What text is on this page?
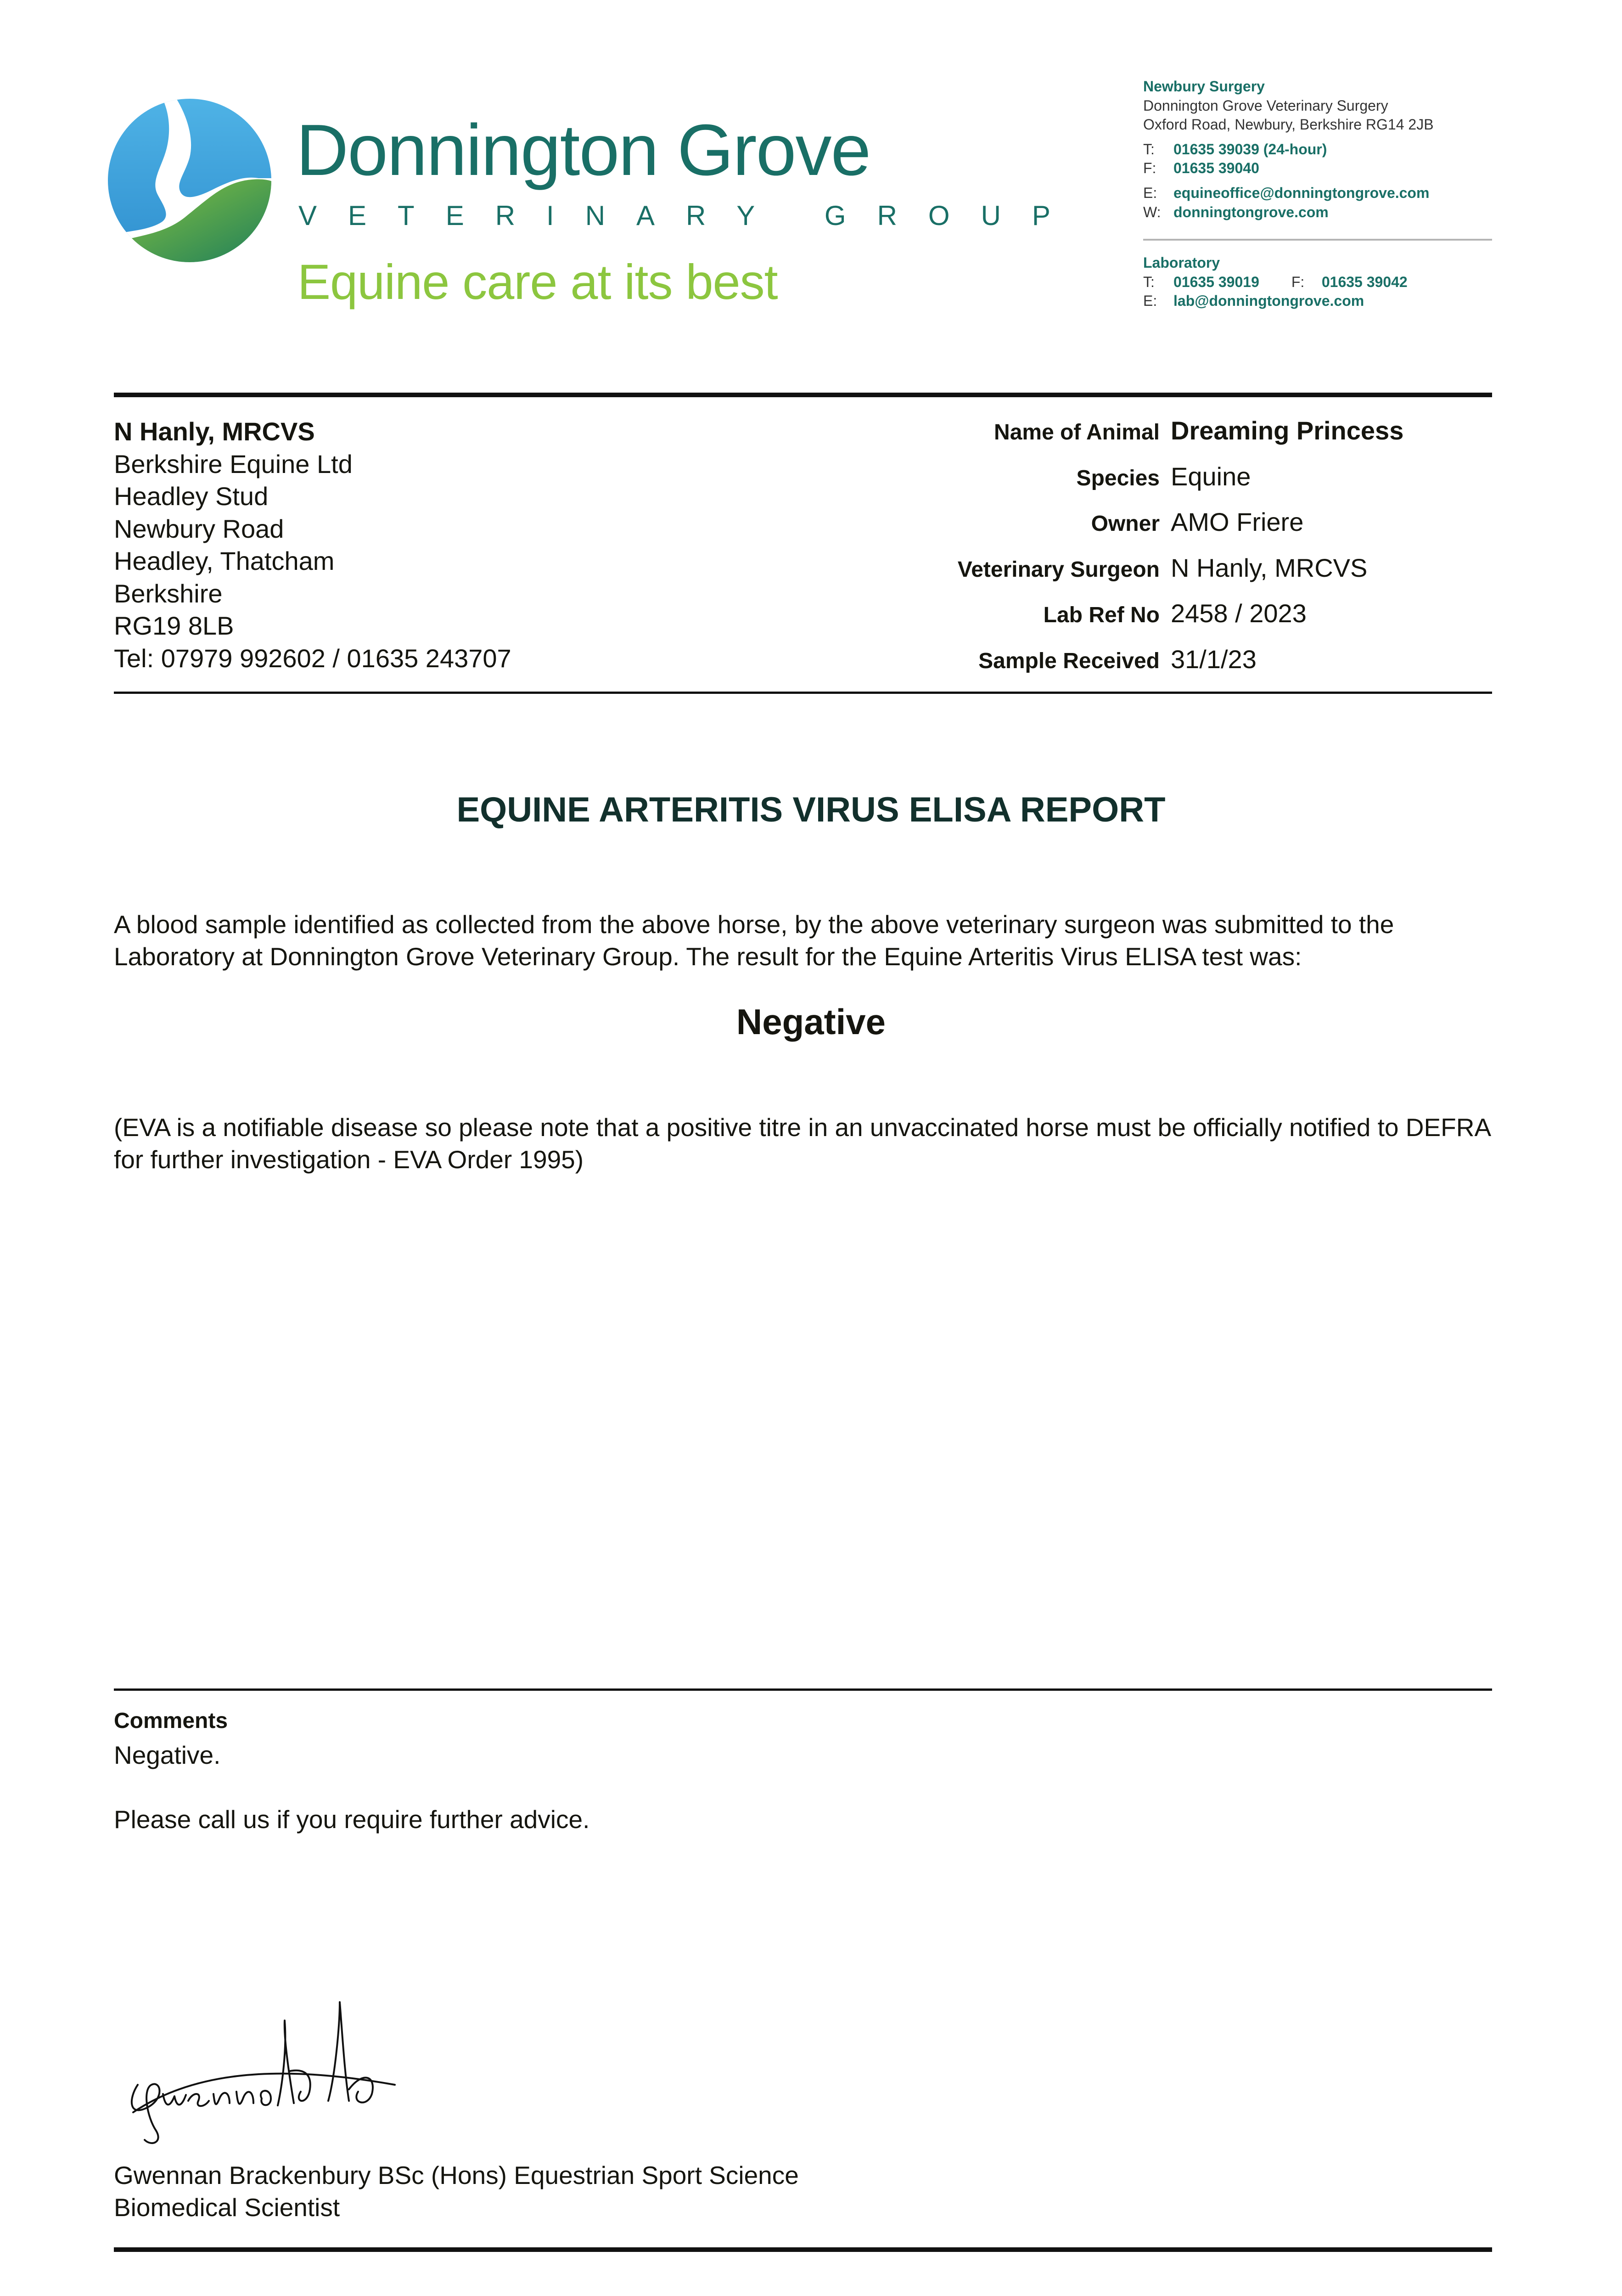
Donnington Grove
VETERINARY GROUP
Equine care at its best
Newbury Surgery
Donnington Grove Veterinary Surgery
Oxford Road, Newbury, Berkshire RG14 2JB
T: 01635 39039 (24-hour)
F: 01635 39040
E: equineoffice@donningtongrove.com
W: donningtongrove.com
Laboratory
T: 01635 39019 F: 01635 39042
E: lab@donningtongrove.com
N Hanly, MRCVS
Berkshire Equine Ltd
Headley Stud
Newbury Road
Headley, Thatcham
Berkshire
RG19 8LB
Tel: 07979 992602 / 01635 243707
Name of Animal Dreaming Princess
Species Equine
Owner AMO Friere
Veterinary Surgeon N Hanly, MRCVS
Lab Ref No 2458 / 2023
Sample Received 31/1/23
EQUINE ARTERITIS VIRUS ELISA REPORT
A blood sample identified as collected from the above horse, by the above veterinary surgeon was submitted to the Laboratory at Donnington Grove Veterinary Group. The result for the Equine Arteritis Virus ELISA test was:
Negative
(EVA is a notifiable disease so please note that a positive titre in an unvaccinated horse must be officially notified to DEFRA for further investigation - EVA Order 1995)
Comments
Negative.
Please call us if you require further advice.
Gwennan Brackenbury BSc (Hons) Equestrian Sport Science
Biomedical Scientist
